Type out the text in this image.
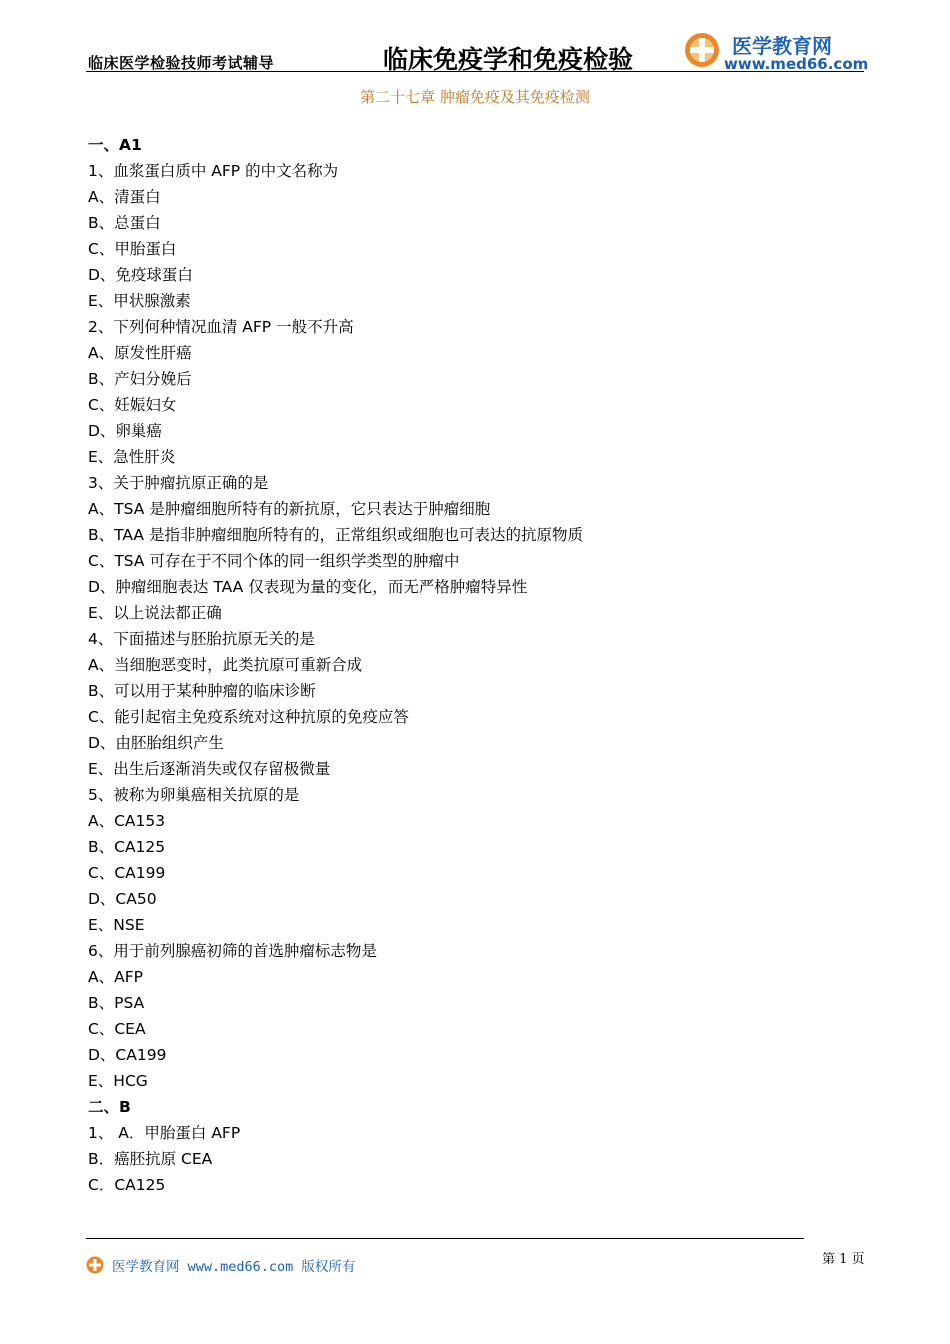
临床医学检验技师考试辅导	临床免疫学和免疫检验	医学教育网
www.med66.com
第二十七章 肿瘤免疫及其免疫检测
一、A1
1、血浆蛋白质中 AFP 的中文名称为
A、清蛋白
B、总蛋白
C、甲胎蛋白
D、免疫球蛋白
E、甲状腺激素
2、下列何种情况血清 AFP 一般不升高
A、原发性肝癌
B、产妇分娩后
C、妊娠妇女
D、卵巢癌
E、急性肝炎
3、关于肿瘤抗原正确的是
A、TSA 是肿瘤细胞所特有的新抗原，它只表达于肿瘤细胞
B、TAA 是指非肿瘤细胞所特有的，正常组织或细胞也可表达的抗原物质
C、TSA 可存在于不同个体的同一组织学类型的肿瘤中
D、肿瘤细胞表达 TAA 仅表现为量的变化，而无严格肿瘤特异性
E、以上说法都正确
4、下面描述与胚胎抗原无关的是
A、当细胞恶变时，此类抗原可重新合成
B、可以用于某种肿瘤的临床诊断
C、能引起宿主免疫系统对这种抗原的免疫应答
D、由胚胎组织产生
E、出生后逐渐消失或仅存留极微量
5、被称为卵巢癌相关抗原的是
A、CA153
B、CA125
C、CA199
D、CA50
E、NSE
6、用于前列腺癌初筛的首选肿瘤标志物是
A、AFP
B、PSA
C、CEA
D、CA199
E、HCG
二、B
1、 A．甲胎蛋白 AFP
B．癌胚抗原 CEA
C．CA125
医学教育网 www.med66.com 版权所有	第 1 页
